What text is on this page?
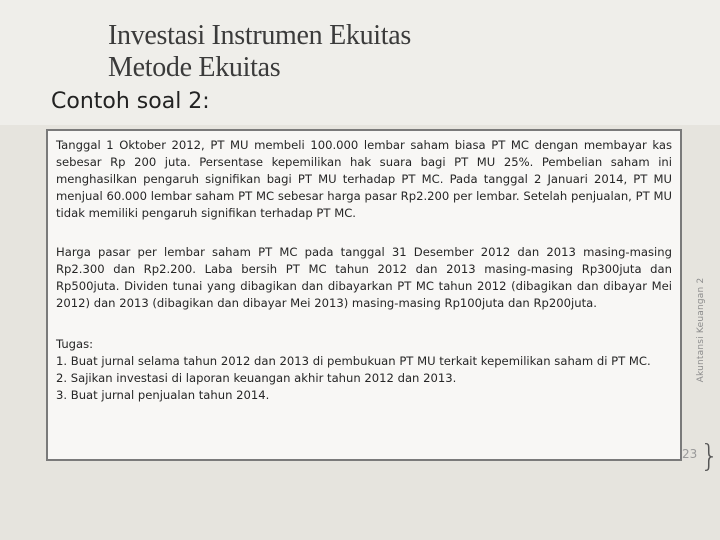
Investasi Instrumen Ekuitas
Metode Ekuitas
Contoh soal 2:

Tanggal 1 Oktober 2012, PT MU membeli 100.000 lembar saham biasa PT MC dengan membayar kas sebesar Rp 200 juta. Persentase kepemilikan hak suara bagi PT MU 25%. Pembelian saham ini menghasilkan pengaruh signifikan bagi PT MU terhadap PT MC. Pada tanggal 2 Januari 2014, PT MU menjual 60.000 lembar saham PT MC sebesar harga pasar Rp2.200 per lembar. Setelah penjualan, PT MU tidak memiliki pengaruh signifikan terhadap PT MC.

Harga pasar per lembar saham PT MC pada tanggal 31 Desember 2012 dan 2013 masing-masing Rp2.300 dan Rp2.200. Laba bersih PT MC tahun 2012 dan 2013 masing-masing Rp300juta dan Rp500juta. Dividen tunai yang dibagikan dan dibayarkan PT MC tahun 2012 (dibagikan dan dibayar Mei 2012) dan 2013 (dibagikan dan dibayar Mei 2013) masing-masing Rp100juta dan Rp200juta.

Tugas:
1. Buat jurnal selama tahun 2012 dan 2013 di pembukuan PT MU terkait kepemilikan saham di PT MC.
2. Sajikan investasi di laporan keuangan akhir tahun 2012 dan 2013.
3. Buat jurnal penjualan tahun 2014.
Akuntansi Keuangan 2
23 }
